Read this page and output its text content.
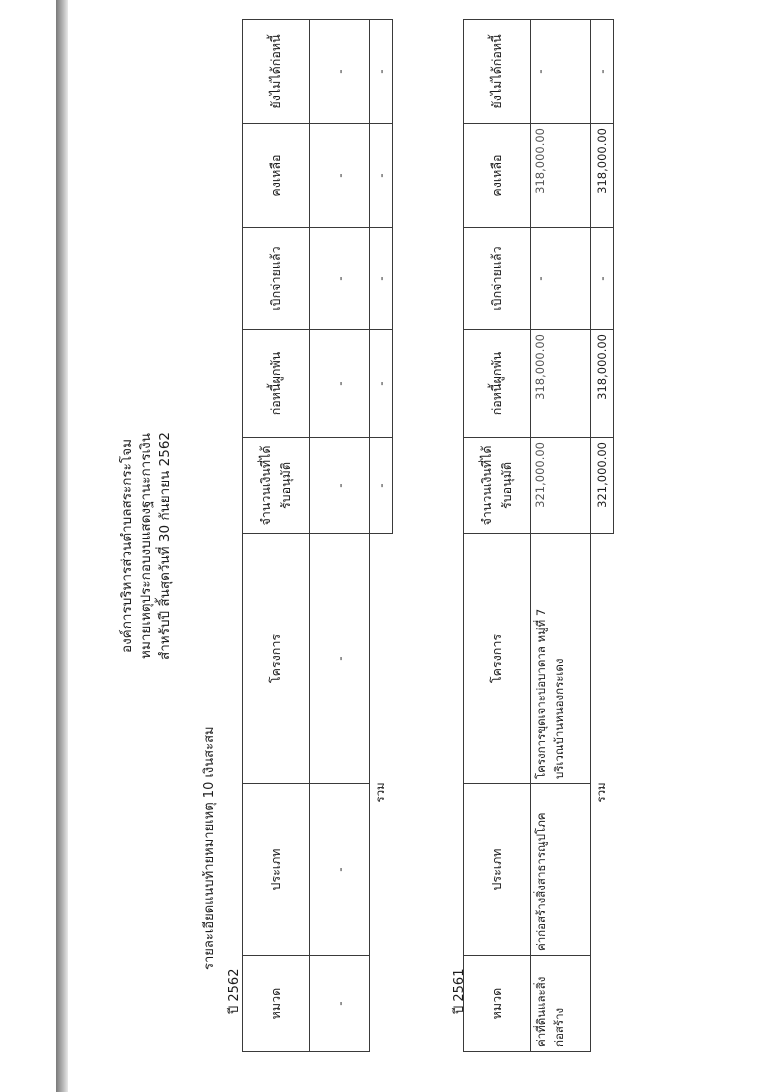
องค์การบริหารส่วนตำบลสระกระโจม หมายเหตุประกอบงบแสดงฐานะการเงิน สำหรับปี สิ้นสุดวันที่ 30 กันยายน 2562
รายละเอียดแนบท้ายหมายเหตุ 10 เงินสะสม
ปี 2562 หมวด	ประเภท	โครงการ	จำนวนเงินที่ได้รับอนุมัติ	ก่อหนี้ผูกพัน	เบิกจ่ายแล้ว	คงเหลือ	ยังไม่ได้ก่อหนี้
-	-	-	-	-	-	-	-
รวม			-	-	-	-	-
ปี 2561 หมวด	ประเภท	โครงการ	จำนวนเงินที่ได้รับอนุมัติ	ก่อหนี้ผูกพัน	เบิกจ่ายแล้ว	คงเหลือ	ยังไม่ได้ก่อหนี้
ค่าที่ดินและสิ่งก่อสร้าง	ค่าก่อสร้างสิ่งสาธารณูปโภค	โครงการขุดเจาะบ่อบาดาล หมู่ที่ 7 บริเวณบ้านหนองกระเดง	321,000.00	318,000.00	-	318,000.00	-
รวม			321,000.00	318,000.00	-	318,000.00	-
